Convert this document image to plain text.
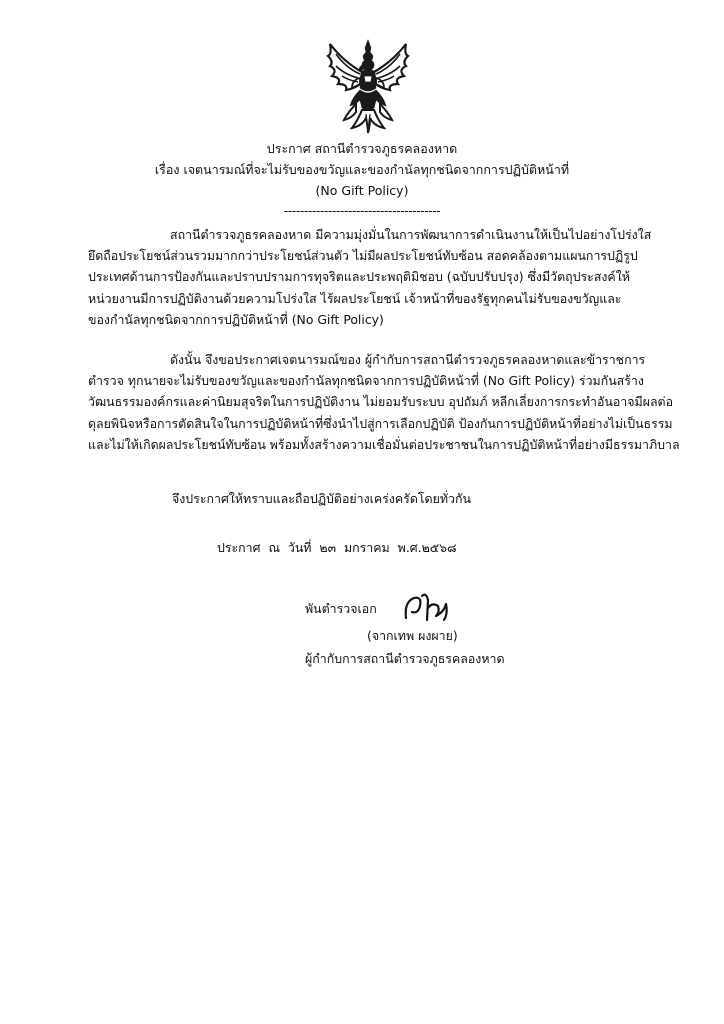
ประกาศ สถานีตำรวจภูธรคลองหาด
เรื่อง เจตนารมณ์ที่จะไม่รับของขวัญและของกำนัลทุกชนิดจากการปฏิบัติหน้าที่
(No Gift Policy)
---------------------------------------
สถานีตำรวจภูธรคลองหาด มีความมุ่งมั่นในการพัฒนาการดำเนินงานให้เป็นไปอย่างโปร่งใส
ยึดถือประโยชน์ส่วนรวมมากกว่าประโยชน์ส่วนตัว ไม่มีผลประโยชน์ทับซ้อน สอดคล้องตามแผนการปฏิรูป
ประเทศด้านการป้องกันและปราบปรามการทุจริตและประพฤติมิชอบ (ฉบับปรับปรุง) ซึ่งมีวัตถุประสงค์ให้
หน่วยงานมีการปฏิบัติงานด้วยความโปร่งใส ไร้ผลประโยชน์ เจ้าหน้าที่ของรัฐทุกคนไม่รับของขวัญและ
ของกำนัลทุกชนิดจากการปฏิบัติหน้าที่ (No Gift Policy)
ดังนั้น จึงขอประกาศเจตนารมณ์ของ ผู้กำกับการสถานีตำรวจภูธรคลองหาดและข้าราชการ
ตำรวจ ทุกนายจะไม่รับของขวัญและของกำนัลทุกชนิดจากการปฏิบัติหน้าที่ (No Gift Policy) ร่วมกันสร้าง
วัฒนธรรมองค์กรและค่านิยมสุจริตในการปฏิบัติงาน ไม่ยอมรับระบบ อุปถัมภ์ หลีกเลี่ยงการกระทำอันอาจมีผลต่อ
ดุลยพินิจหรือการตัดสินใจในการปฏิบัติหน้าที่ซึ่งนำไปสู่การเลือกปฏิบัติ ป้องกันการปฏิบัติหน้าที่อย่างไม่เป็นธรรม
และไม่ให้เกิดผลประโยชน์ทับซ้อน พร้อมทั้งสร้างความเชื่อมั่นต่อประชาชนในการปฏิบัติหน้าที่อย่างมีธรรมาภิบาล
จึงประกาศให้ทราบและถือปฏิบัติอย่างเคร่งครัดโดยทั่วกัน
ประกาศ ณ วันที่ ๒๓ มกราคม พ.ศ.๒๕๖๘
พันตำรวจเอก
(จากเทพ ผงผาย)
ผู้กำกับการสถานีตำรวจภูธรคลองหาด
